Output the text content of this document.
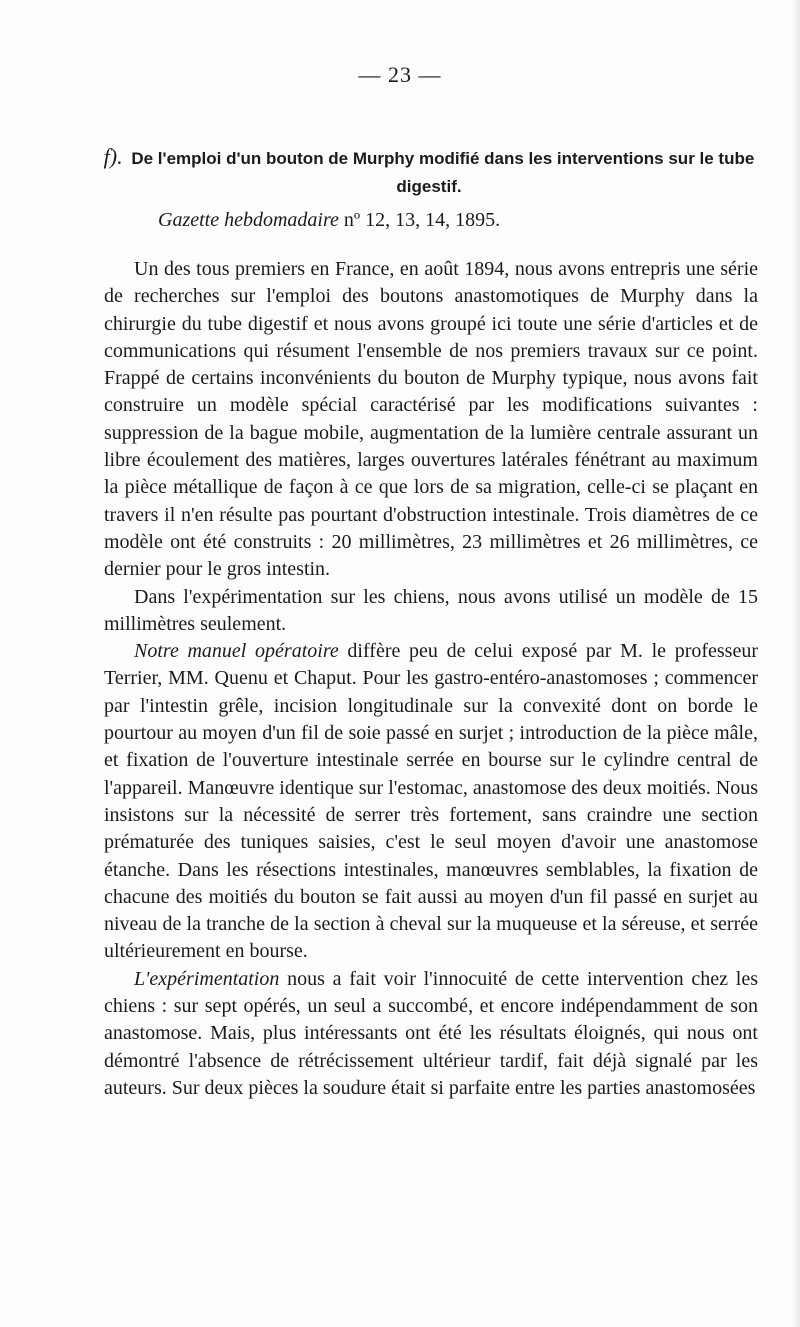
— 23 —
f). De l'emploi d'un bouton de Murphy modifié dans les interventions sur le tube digestif.
Gazette hebdomadaire nº 12, 13, 14, 1895.

Un des tous premiers en France, en août 1894, nous avons entrepris une série de recherches sur l'emploi des boutons anastomotiques de Murphy dans la chirurgie du tube digestif et nous avons groupé ici toute une série d'articles et de communications qui résument l'ensemble de nos premiers travaux sur ce point. Frappé de certains inconvénients du bouton de Murphy typique, nous avons fait construire un modèle spécial caractérisé par les modifications suivantes : suppression de la bague mobile, augmentation de la lumière centrale assurant un libre écoulement des matières, larges ouvertures latérales fénétrant au maximum la pièce métallique de façon à ce que lors de sa migration, celle-ci se plaçant en travers il n'en résulte pas pourtant d'obstruction intestinale. Trois diamètres de ce modèle ont été construits : 20 millimètres, 23 millimètres et 26 millimètres, ce dernier pour le gros intestin.

Dans l'expérimentation sur les chiens, nous avons utilisé un modèle de 15 millimètres seulement.

Notre manuel opératoire diffère peu de celui exposé par M. le professeur Terrier, MM. Quenu et Chaput. Pour les gastro-entéro-anastomoses ; commencer par l'intestin grêle, incision longitudinale sur la convexité dont on borde le pourtour au moyen d'un fil de soie passé en surjet ; introduction de la pièce mâle, et fixation de l'ouverture intestinale serrée en bourse sur le cylindre central de l'appareil. Manœuvre identique sur l'estomac, anastomose des deux moitiés. Nous insistons sur la nécessité de serrer très fortement, sans craindre une section prématurée des tuniques saisies, c'est le seul moyen d'avoir une anastomose étanche. Dans les résections intestinales, manœuvres semblables, la fixation de chacune des moitiés du bouton se fait aussi au moyen d'un fil passé en surjet au niveau de la tranche de la section à cheval sur la muqueuse et la séreuse, et serrée ultérieurement en bourse.

L'expérimentation nous a fait voir l'innocuité de cette intervention chez les chiens : sur sept opérés, un seul a succombé, et encore indépendamment de son anastomose. Mais, plus intéressants ont été les résultats éloignés, qui nous ont démontré l'absence de rétrécissement ultérieur tardif, fait déjà signalé par les auteurs. Sur deux pièces la soudure était si parfaite entre les parties anastomosées
